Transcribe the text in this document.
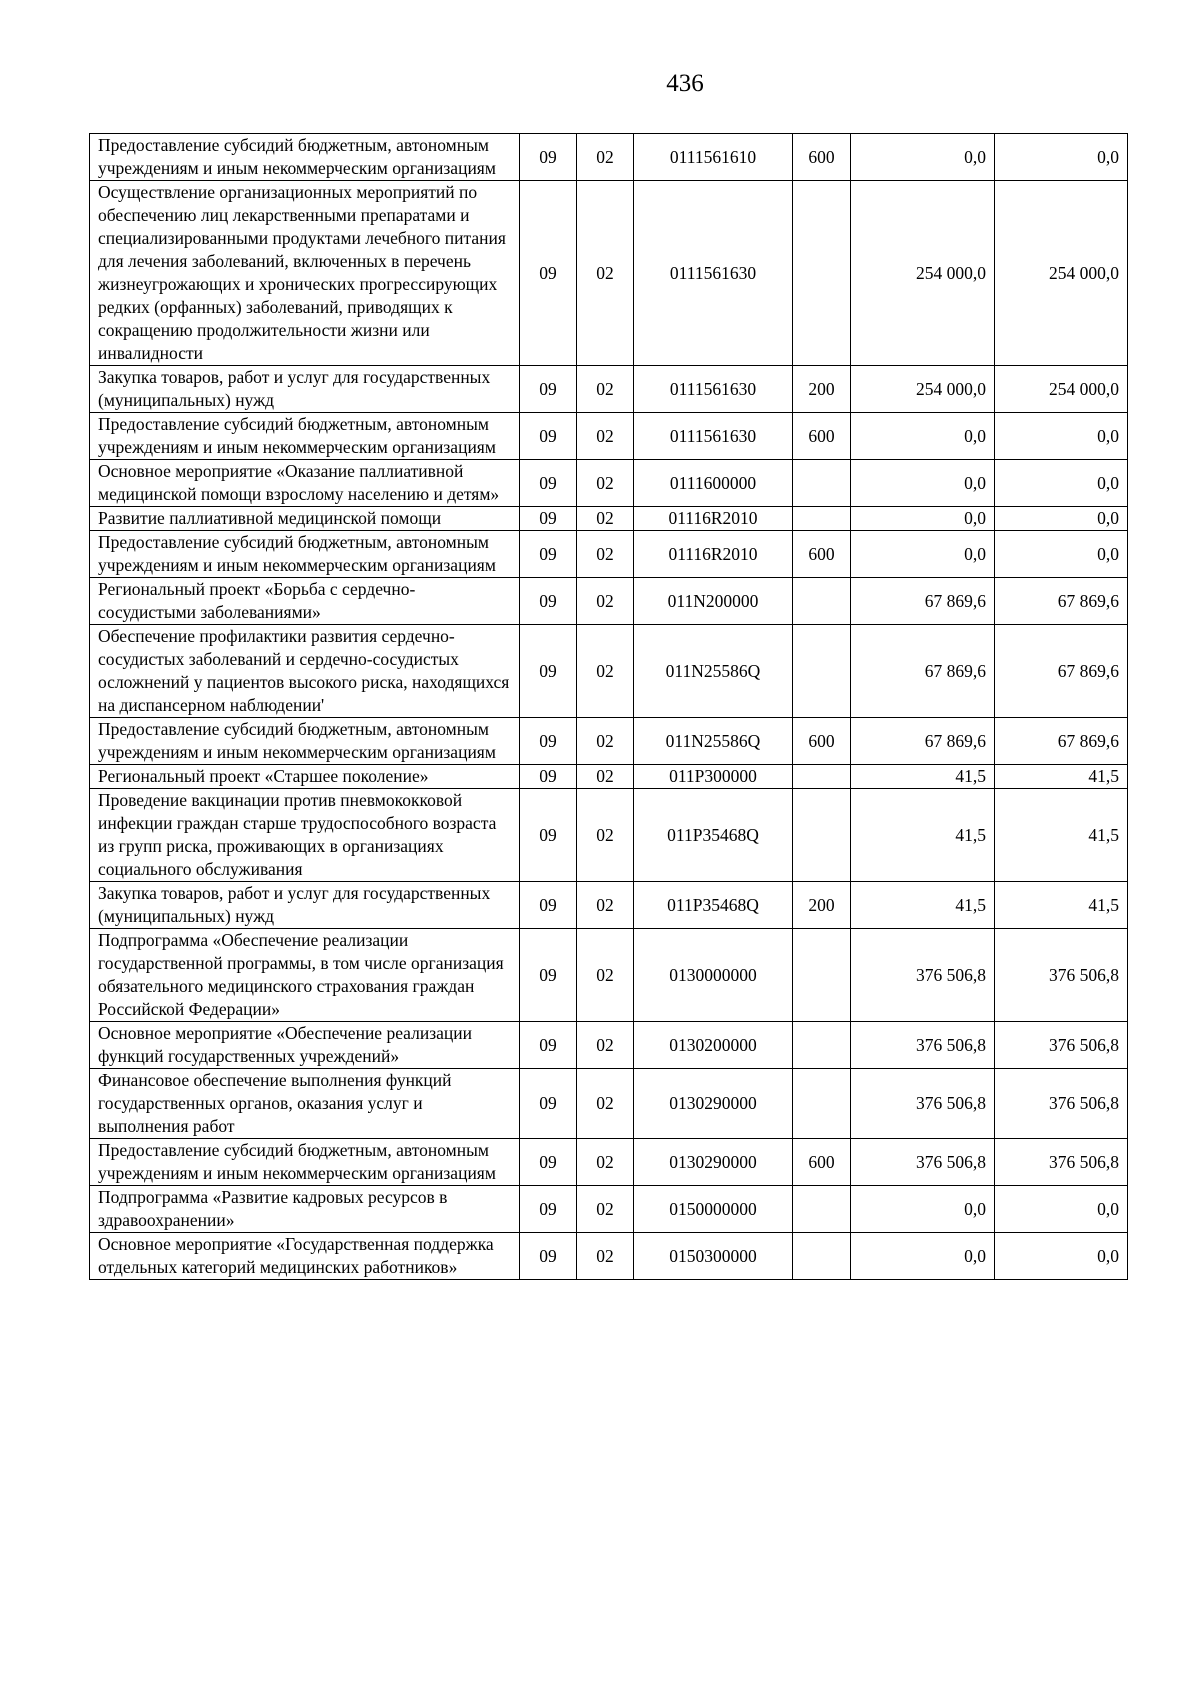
436
Предоставление субсидий бюджетным, автономным учреждениям и иным некоммерческим организациям	09	02	0111561610	600	0,0	0,0
Осуществление организационных мероприятий по обеспечению лиц лекарственными препаратами и специализированными продуктами лечебного питания для лечения заболеваний, включенных в перечень жизнеугрожающих и хронических прогрессирующих редких (орфанных) заболеваний, приводящих к сокращению продолжительности жизни или инвалидности	09	02	0111561630		254 000,0	254 000,0
Закупка товаров, работ и услуг для государственных (муниципальных) нужд	09	02	0111561630	200	254 000,0	254 000,0
Предоставление субсидий бюджетным, автономным учреждениям и иным некоммерческим организациям	09	02	0111561630	600	0,0	0,0
Основное мероприятие «Оказание паллиативной медицинской помощи взрослому населению и детям»	09	02	0111600000		0,0	0,0
Развитие паллиативной медицинской помощи	09	02	01116R2010		0,0	0,0
Предоставление субсидий бюджетным, автономным учреждениям и иным некоммерческим организациям	09	02	01116R2010	600	0,0	0,0
Региональный проект «Борьба с сердечно-сосудистыми заболеваниями»	09	02	011N200000		67 869,6	67 869,6
Обеспечение профилактики развития сердечно-сосудистых заболеваний и сердечно-сосудистых осложнений у пациентов высокого риска, находящихся на диспансерном наблюдении'	09	02	011N25586Q		67 869,6	67 869,6
Предоставление субсидий бюджетным, автономным учреждениям и иным некоммерческим организациям	09	02	011N25586Q	600	67 869,6	67 869,6
Региональный проект «Старшее поколение»	09	02	011P300000		41,5	41,5
Проведение вакцинации против пневмококковой инфекции граждан старше трудоспособного возраста из групп риска, проживающих в организациях социального обслуживания	09	02	011P35468Q		41,5	41,5
Закупка товаров, работ и услуг для государственных (муниципальных) нужд	09	02	011P35468Q	200	41,5	41,5
Подпрограмма «Обеспечение реализации государственной программы, в том числе организация обязательного медицинского страхования граждан Российской Федерации»	09	02	0130000000		376 506,8	376 506,8
Основное мероприятие «Обеспечение реализации функций государственных учреждений»	09	02	0130200000		376 506,8	376 506,8
Финансовое обеспечение выполнения функций государственных органов, оказания услуг и выполнения работ	09	02	0130290000		376 506,8	376 506,8
Предоставление субсидий бюджетным, автономным учреждениям и иным некоммерческим организациям	09	02	0130290000	600	376 506,8	376 506,8
Подпрограмма «Развитие кадровых ресурсов в здравоохранении»	09	02	0150000000		0,0	0,0
Основное мероприятие «Государственная поддержка отдельных категорий медицинских работников»	09	02	0150300000		0,0	0,0
